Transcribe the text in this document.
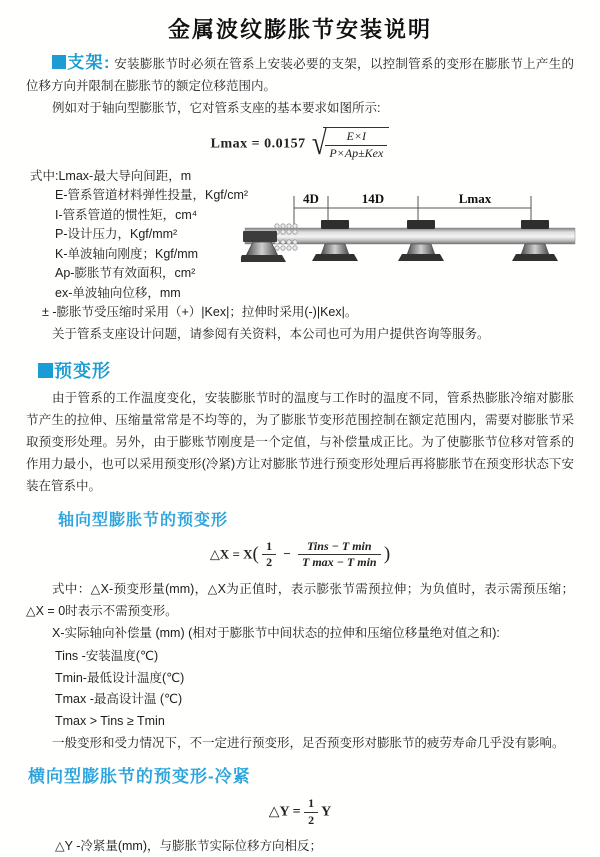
金属波纹膨胀节安装说明

支架: 安装膨胀节时必须在管系上安装必要的支架，以控制管系的变形在膨胀节上产生的位移方向并限制在膨胀节的额定位移范围内。

例如对于轴向型膨胀节，它对管系支座的基本要求如图所示:

Lmax = 0.0157 √
$\frac{E\times I}{\text{P×Ap±Kex}}$
式中:Lmax-最大导向间距，m
E-管系管道材料弹性投量，Kgf/cm²
I-管系管道的惯性矩，cm⁴
P-设计压力，Kgf/mm²
K-单波轴向刚度；Kgf/mm
Ap-膨胀节有效面积，cm²
ex-单波轴向位移，mm
± -膨胀节受压缩时采用（+）|Kex|；拉伸时采用(-)|Kex|。

关于管系支座设计问题，请参阅有关资料，本公司也可为用户提供咨询等服务。

4D	14D	Lmax
预变形

由于管系的工作温度变化，安装膨胀节时的温度与工作时的温度不同，管系热膨胀冷缩对膨胀节产生的拉伸、压缩量常常是不均等的，为了膨胀节变形范围控制在额定范围内，需要对膨胀节采取预变形处理。另外，由于膨账节刚度是一个定值，与补偿量成正比。为了使膨胀节位移对管系的作用力最小，也可以采用预变形(冷紧)方让对膨胀节进行预变形处理后再将膨胀节在预变形状态下安装在管系中。

轴向型膨胀节的预变形
△X = $X( \frac{1}{2} - \frac{\text{Tins − T min}}{\text{T max − T min}}$ )

式中：△X-预变形量(mm)，△X为正值时，表示膨张节需预拉伸；为负值时，表示需预压缩；△X = 0时表示不需预变形。

X-实际轴向补偿量 (mm) (相对于膨胀节中间状态的拉伸和压缩位移量绝对值之和):

Tins -安装温度(℃)
Tmin-最低设计温度(℃)
Tmax -最高设计温 (℃)
Tmax > Tins ≥ Tmin

一般变形和受力情况下，不一定进行预变形，足否预变形对膨胀节的疲劳寿命几乎没有影响。

横向型膨胀节的预变形-冷紧
△Y = $\frac{1}{2}$ Y
△Y -冷紧量(mm)，与膨胀节实际位移方向相反；
